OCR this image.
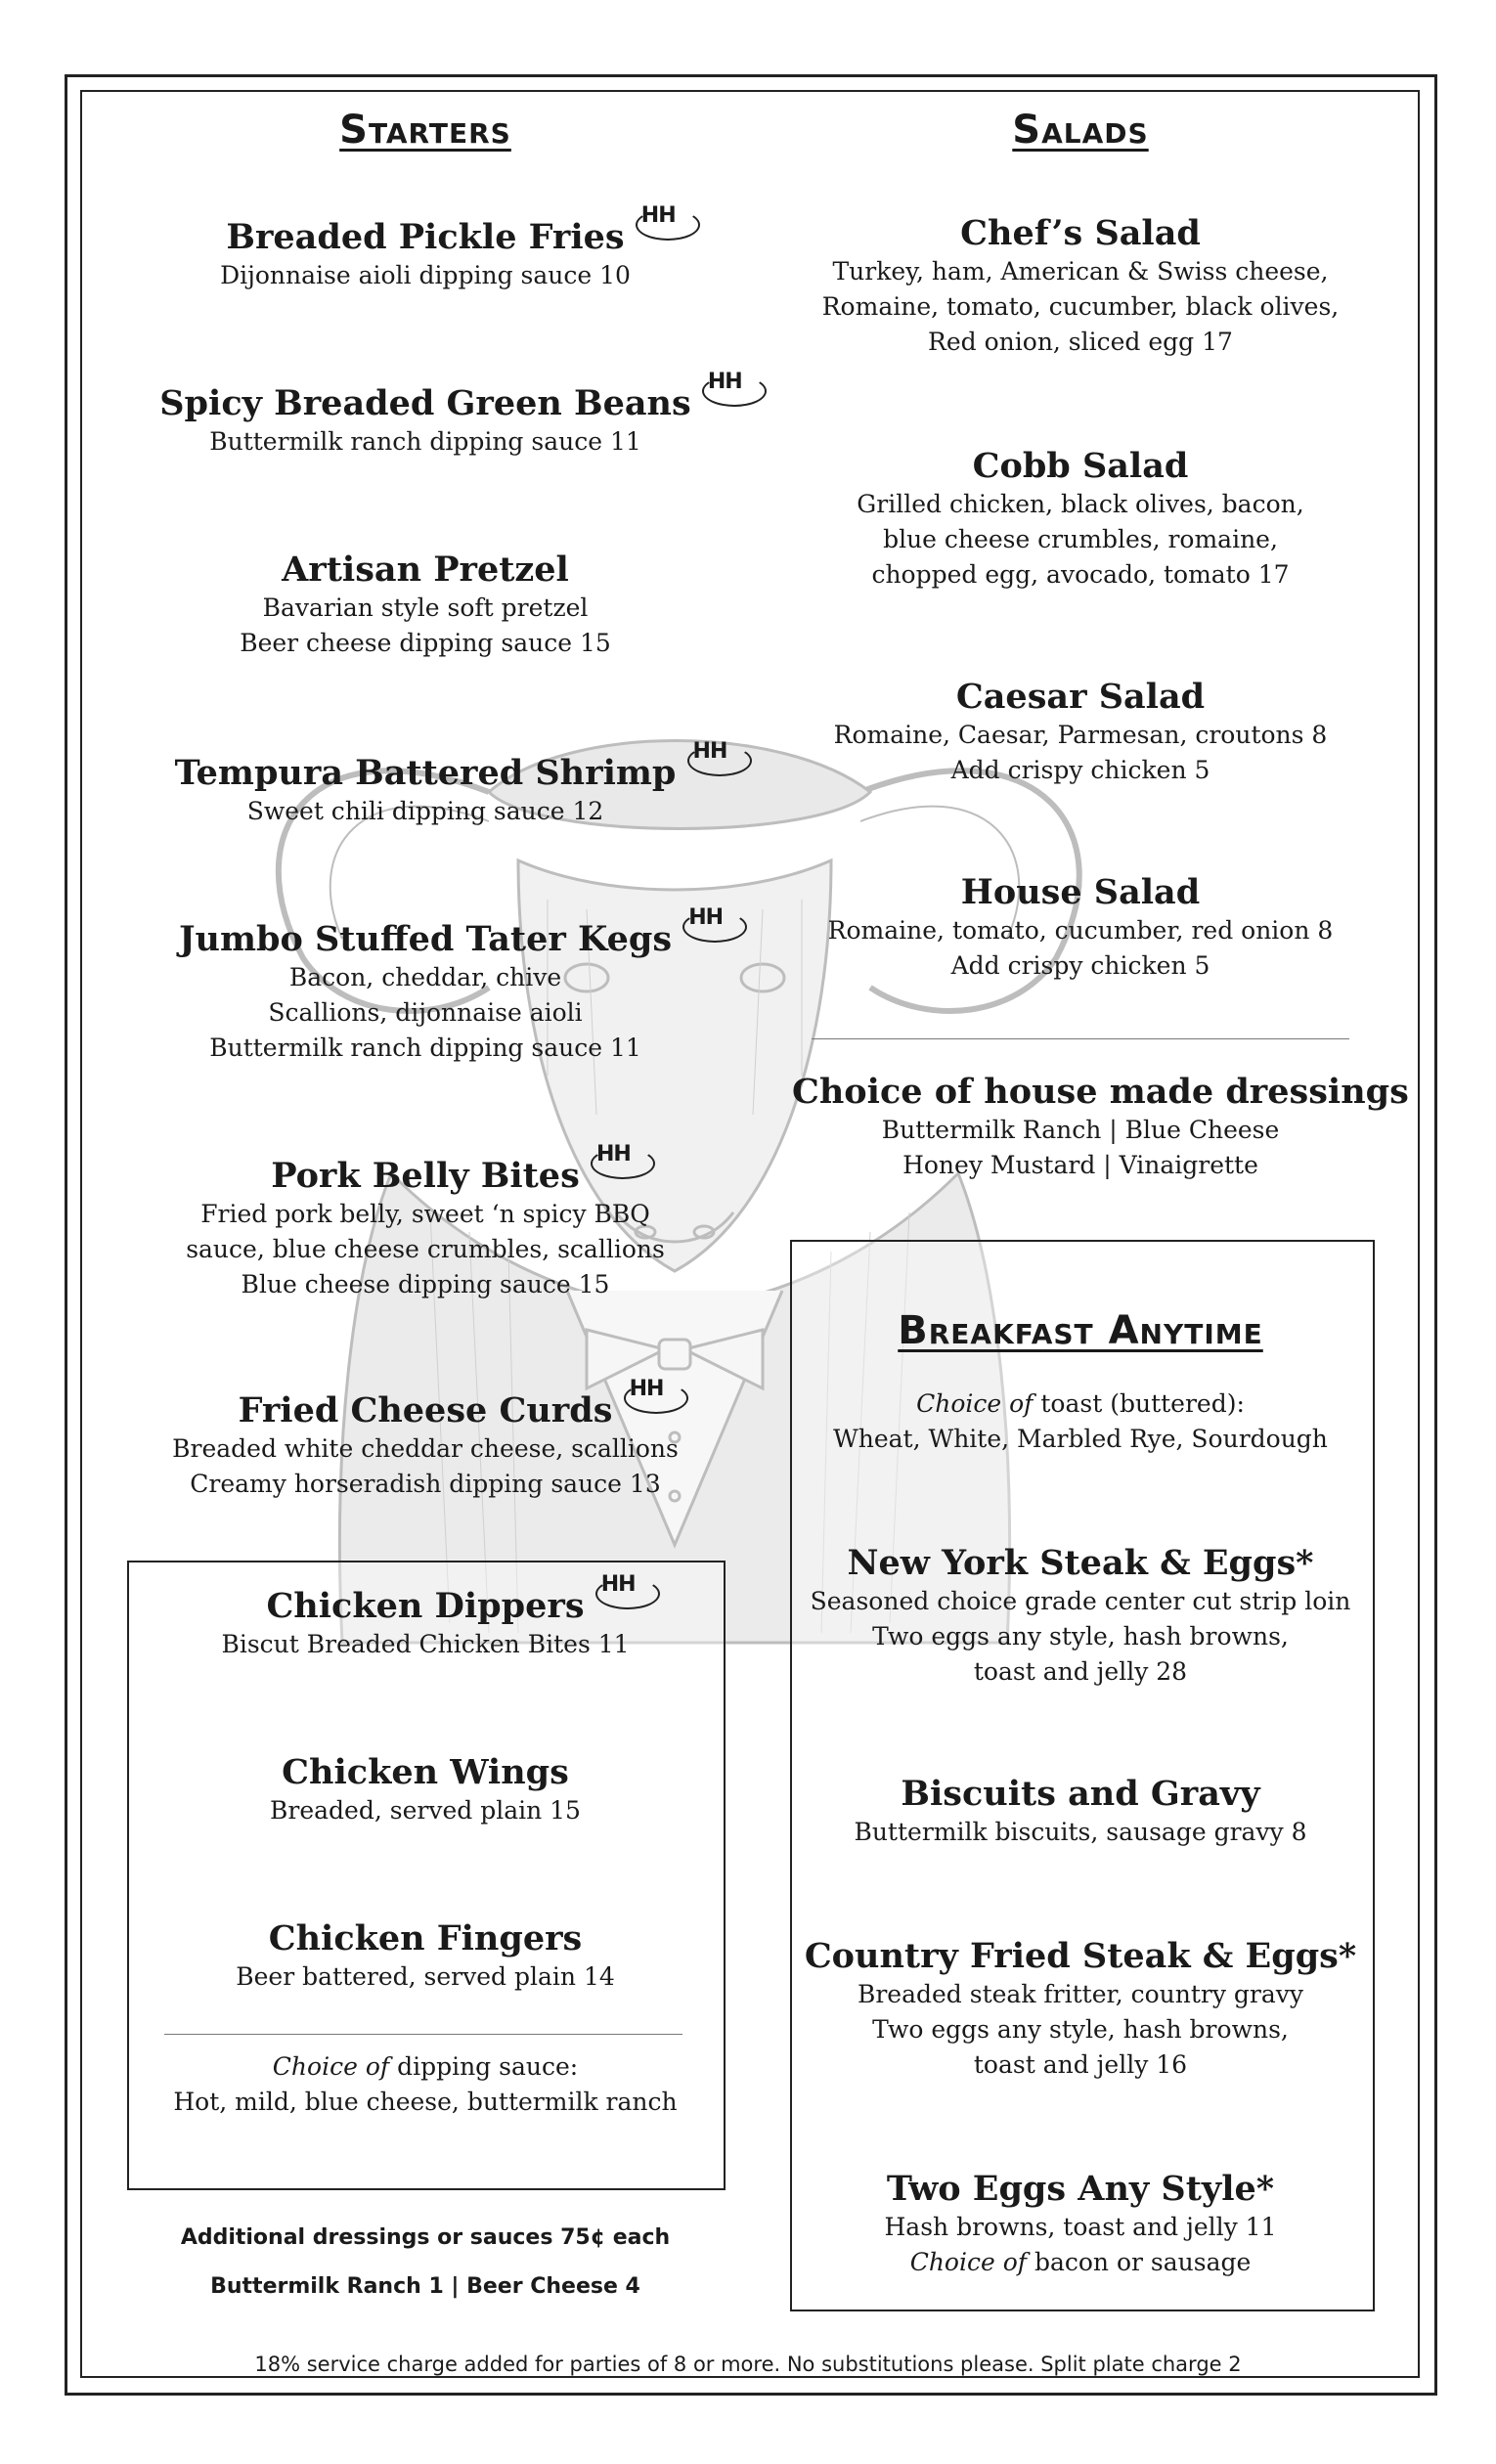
Starters
Breaded Pickle Fries
HH
Dijonnaise aioli dipping sauce 10
Spicy Breaded Green Beans
HH
Buttermilk ranch dipping sauce 11
Artisan Pretzel
Bavarian style soft pretzel
Beer cheese dipping sauce 15
Tempura Battered Shrimp
HH
Sweet chili dipping sauce 12
Jumbo Stuffed Tater Kegs
HH
Bacon, cheddar, chive
Scallions, dijonnaise aioli
Buttermilk ranch dipping sauce 11
Pork Belly Bites
HH
Fried pork belly, sweet ‘n spicy BBQ
sauce, blue cheese crumbles, scallions
Blue cheese dipping sauce 15
Fried Cheese Curds
HH
Breaded white cheddar cheese, scallions
Creamy horseradish dipping sauce 13
Chicken Dippers
HH
Biscut Breaded Chicken Bites 11
Chicken Wings
Breaded, served plain 15
Chicken Fingers
Beer battered, served plain 14
Choice of dipping sauce:
Hot, mild, blue cheese, buttermilk ranch
Additional dressings or sauces 75¢ each
Buttermilk Ranch 1 | Beer Cheese 4
Salads
Chef’s Salad
Turkey, ham, American & Swiss cheese,
Romaine, tomato, cucumber, black olives,
Red onion, sliced egg 17
Cobb Salad
Grilled chicken, black olives, bacon,
blue cheese crumbles, romaine,
chopped egg, avocado, tomato 17
Caesar Salad
Romaine, Caesar, Parmesan, croutons 8
Add crispy chicken 5
House Salad
Romaine, tomato, cucumber, red onion 8
Add crispy chicken 5
Choice of house made dressings
Buttermilk Ranch | Blue Cheese
Honey Mustard | Vinaigrette
Breakfast Anytime
Choice of toast (buttered):
Wheat, White, Marbled Rye, Sourdough
New York Steak & Eggs*
Seasoned choice grade center cut strip loin
Two eggs any style, hash browns,
toast and jelly 28
Biscuits and Gravy
Buttermilk biscuits, sausage gravy 8
Country Fried Steak & Eggs*
Breaded steak fritter, country gravy
Two eggs any style, hash browns,
toast and jelly 16
Two Eggs Any Style*
Hash browns, toast and jelly 11
Choice of bacon or sausage
18% service charge added for parties of 8 or more. No substitutions please. Split plate charge 2
